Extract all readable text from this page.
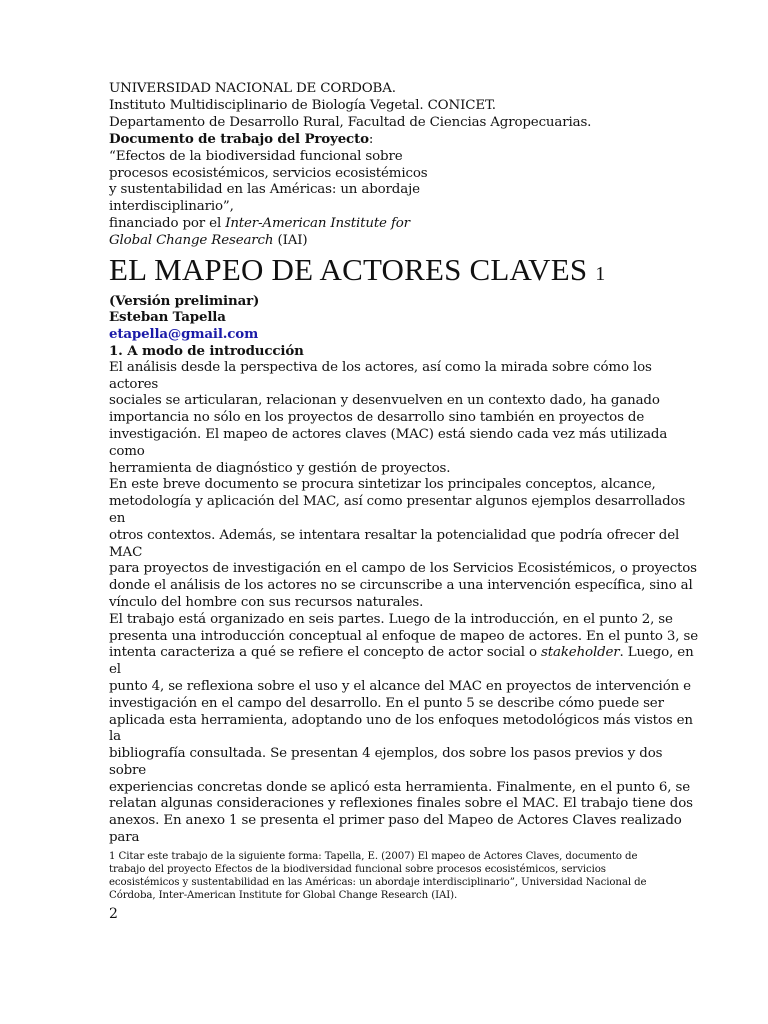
UNIVERSIDAD NACIONAL DE CORDOBA.
Instituto Multidisciplinario de Biología Vegetal. CONICET.
Departamento de Desarrollo Rural, Facultad de Ciencias Agropecuarias.
Documento de trabajo del Proyecto:
“Efectos de la biodiversidad funcional sobre
procesos ecosistémicos, servicios ecosistémicos
y sustentabilidad en las Américas: un abordaje
interdisciplinario”,
financiado por el Inter-American Institute for
Global Change Research (IAI)
EL MAPEO DE ACTORES CLAVES 1
(Versión preliminar)
Esteban Tapella
etapella@gmail.com
1. A modo de introducción
El análisis desde la perspectiva de los actores, así como la mirada sobre cómo los
actores
sociales se articularan, relacionan y desenvuelven en un contexto dado, ha ganado
importancia no sólo en los proyectos de desarrollo sino también en proyectos de
investigación. El mapeo de actores claves (MAC) está siendo cada vez más utilizada
como
herramienta de diagnóstico y gestión de proyectos.
En este breve documento se procura sintetizar los principales conceptos, alcance,
metodología y aplicación del MAC, así como presentar algunos ejemplos desarrollados
en
otros contextos. Además, se intentara resaltar la potencialidad que podría ofrecer del
MAC
para proyectos de investigación en el campo de los Servicios Ecosistémicos, o proyectos
donde el análisis de los actores no se circunscribe a una intervención específica, sino al
vínculo del hombre con sus recursos naturales.
El trabajo está organizado en seis partes. Luego de la introducción, en el punto 2, se
presenta una introducción conceptual al enfoque de mapeo de actores. En el punto 3, se
intenta caracteriza a qué se refiere el concepto de actor social o stakeholder. Luego, en
el
punto 4, se reflexiona sobre el uso y el alcance del MAC en proyectos de intervención e
investigación en el campo del desarrollo. En el punto 5 se describe cómo puede ser
aplicada esta herramienta, adoptando uno de los enfoques metodológicos más vistos en
la
bibliografía consultada. Se presentan 4 ejemplos, dos sobre los pasos previos y dos
sobre
experiencias concretas donde se aplicó esta herramienta. Finalmente, en el punto 6, se
relatan algunas consideraciones y reflexiones finales sobre el MAC. El trabajo tiene dos
anexos. En anexo 1 se presenta el primer paso del Mapeo de Actores Claves realizado
para
1 Citar este trabajo de la siguiente forma: Tapella, E. (2007) El mapeo de Actores Claves, documento de
trabajo del proyecto Efectos de la biodiversidad funcional sobre procesos ecosistémicos, servicios
ecosistémicos y sustentabilidad en las Américas: un abordaje interdisciplinario”, Universidad Nacional de
Córdoba, Inter-American Institute for Global Change Research (IAI).
2
